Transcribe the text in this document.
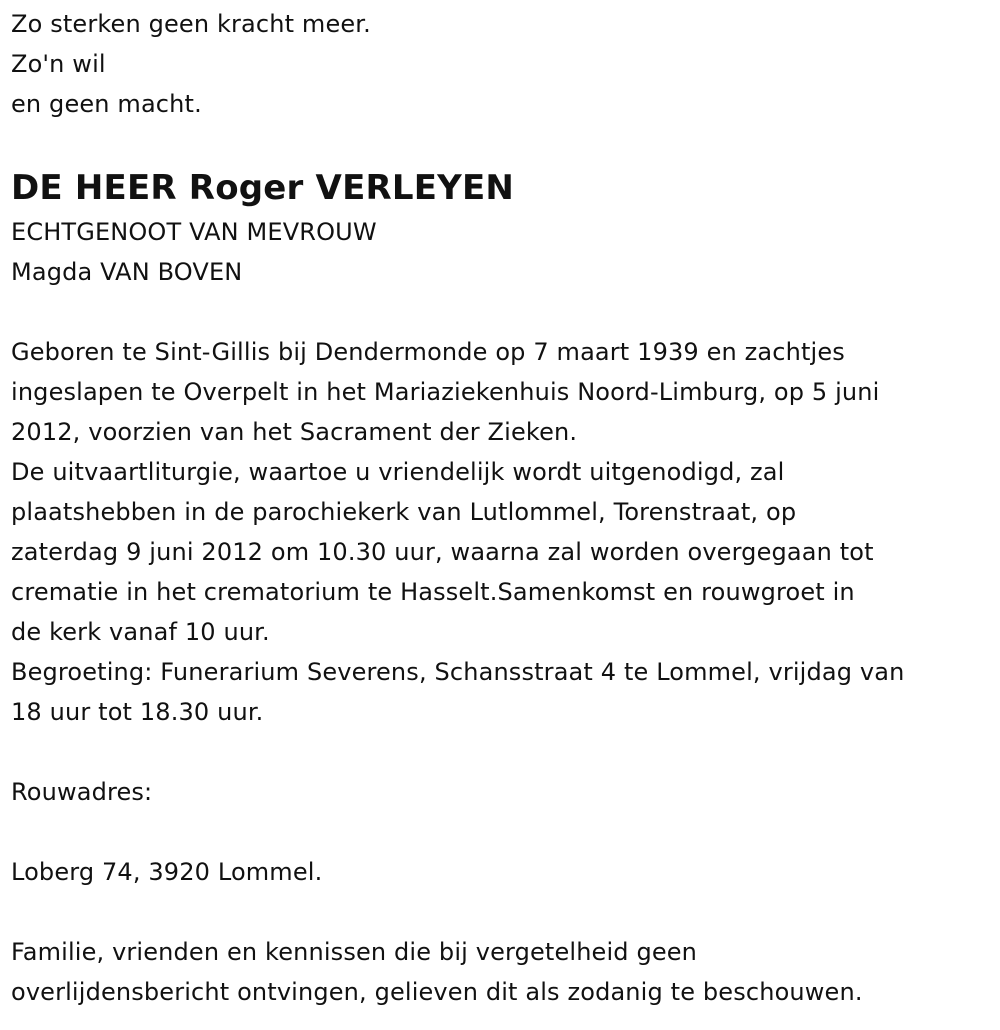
Zo sterken geen kracht meer.
Zo'n wil
en geen macht.
DE HEER Roger VERLEYEN
ECHTGENOOT VAN MEVROUW
Magda VAN BOVEN
Geboren te Sint-Gillis bij Dendermonde op 7 maart 1939 en zachtjes
ingeslapen te Overpelt in het Mariaziekenhuis Noord-Limburg, op 5 juni
2012, voorzien van het Sacrament der Zieken.
De uitvaartliturgie, waartoe u vriendelijk wordt uitgenodigd, zal
plaatshebben in de parochiekerk van Lutlommel, Torenstraat, op
zaterdag 9 juni 2012 om 10.30 uur, waarna zal worden overgegaan tot
crematie in het crematorium te Hasselt.Samenkomst en rouwgroet in
de kerk vanaf 10 uur.
Begroeting: Funerarium Severens, Schansstraat 4 te Lommel, vrijdag van
18 uur tot 18.30 uur.
Rouwadres:
Loberg 74, 3920 Lommel.
Familie, vrienden en kennissen die bij vergetelheid geen
overlijdensbericht ontvingen, gelieven dit als zodanig te beschouwen.
